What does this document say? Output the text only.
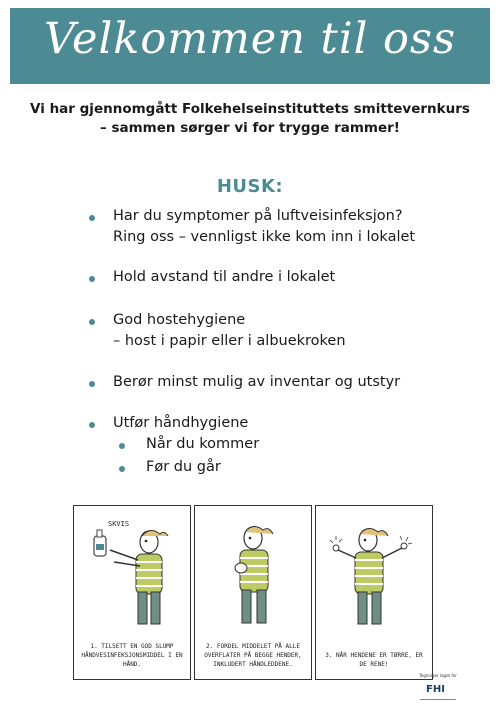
Velkommen til oss
Vi har gjennomgått Folkehelseinstituttets smittevernkurs
– sammen sørger vi for trygge rammer!
HUSK:
Har du symptomer på luftveisinfeksjon?
Ring oss – vennligst ikke kom inn i lokalet
Hold avstand til andre i lokalet
God hostehygiene
– host i papir eller i albuekroken
Berør minst mulig av inventar og utstyr
Utfør håndhygiene
Når du kommer
Før du går
SKVIS
1. TILSETT EN GOD SLUMP HÅNDVESINFEKSJONSMIDDEL I EN HÅND.
2. FORDEL MIDDELET PÅ ALLE OVERFLATER PÅ BEGGE HENDER, INKLUDERT HÅNDLEDDENE.
3. NÅR HENDENE ER TØRRE, ER DE RENE!
Tegninger laget for
FHI
